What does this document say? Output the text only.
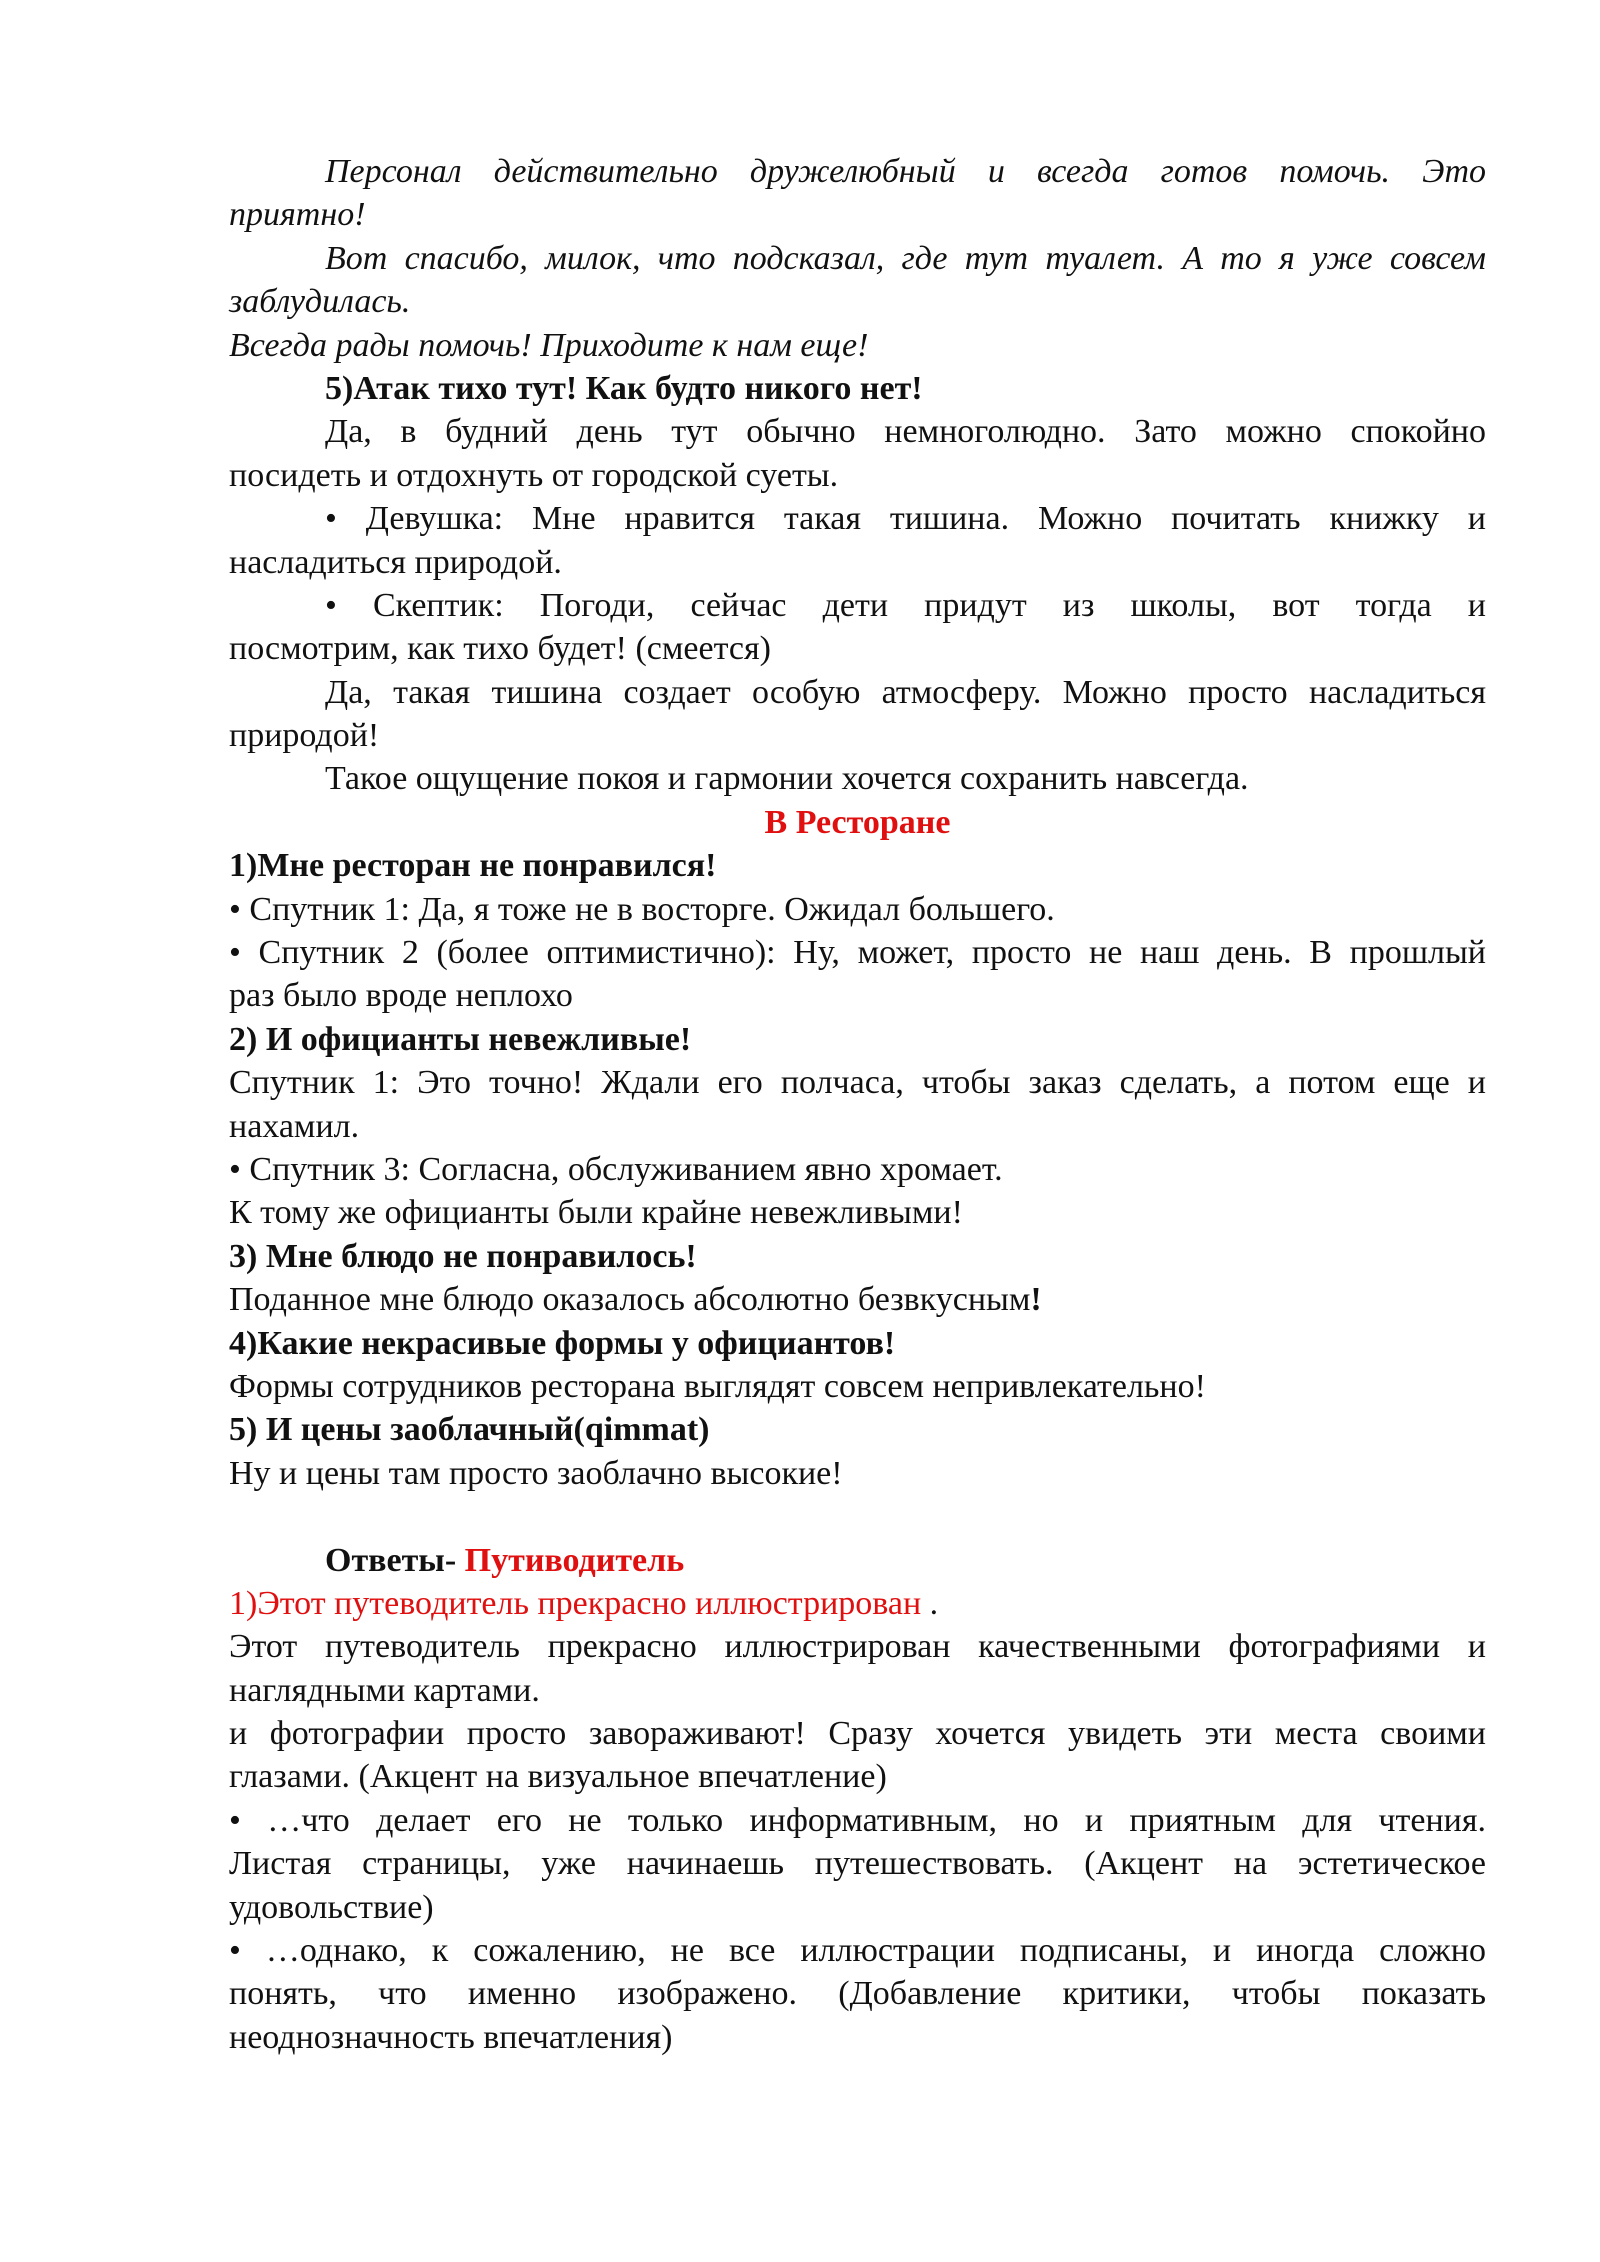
Персонал действительно дружелюбный и всегда готов помочь. Это
приятно!
Вот спасибо, милок, что подсказал, где тут туалет. А то я уже совсем
заблудилась.
Всегда рады помочь! Приходите к нам еще!
5)Атак тихо тут! Как будто никого нет!
Да, в будний день тут обычно немноголюдно. Зато можно спокойно
посидеть и отдохнуть от городской суеты.
• Девушка: Мне нравится такая тишина. Можно почитать книжку и
насладиться природой.
• Скептик: Погоди, сейчас дети придут из школы, вот тогда и
посмотрим, как тихо будет! (смеется)
Да, такая тишина создает особую атмосферу. Можно просто насладиться
природой!
Такое ощущение покоя и гармонии хочется сохранить навсегда.
В Ресторане
1)Мне ресторан не понравился!
• Спутник 1: Да, я тоже не в восторге. Ожидал большего.
• Спутник 2 (более оптимистично): Ну, может, просто не наш день. В прошлый
раз было вроде неплохо
2) И официанты невежливые!
Спутник 1: Это точно! Ждали его полчаса, чтобы заказ сделать, а потом еще и
нахамил.
• Спутник 3: Согласна, обслуживанием явно хромает.
К тому же официанты были крайне невежливыми!
3) Мне блюдо не понравилось!
Поданное мне блюдо оказалось абсолютно безвкусным!
4)Какие некрасивые формы у официантов!
Формы сотрудников ресторана выглядят совсем непривлекательно!
5) И цены заоблачный(qimmat)
Ну и цены там просто заоблачно высокие!
Ответы- Путиводитель
1)Этот путеводитель прекрасно иллюстрирован .
Этот путеводитель прекрасно иллюстрирован качественными фотографиями и
наглядными картами.
и фотографии просто завораживают! Сразу хочется увидеть эти места своими
глазами. (Акцент на визуальное впечатление)
• …что делает его не только информативным, но и приятным для чтения.
Листая страницы, уже начинаешь путешествовать. (Акцент на эстетическое
удовольствие)
• …однако, к сожалению, не все иллюстрации подписаны, и иногда сложно
понять, что именно изображено. (Добавление критики, чтобы показать
неоднозначность впечатления)
